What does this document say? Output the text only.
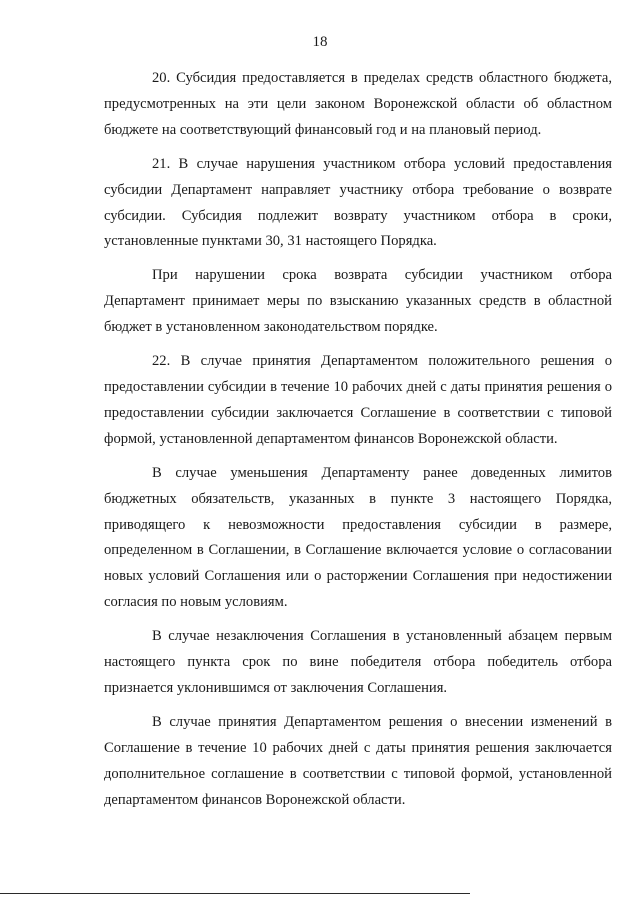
18

20. Субсидия предоставляется в пределах средств областного бюджета, предусмотренных на эти цели законом Воронежской области об областном бюджете на соответствующий финансовый год и на плановый период.

21. В случае нарушения участником отбора условий предоставления субсидии Департамент направляет участнику отбора требование о возврате субсидии. Субсидия подлежит возврату участником отбора в сроки, установленные пунктами 30, 31 настоящего Порядка.

При нарушении срока возврата субсидии участником отбора Департамент принимает меры по взысканию указанных средств в областной бюджет в установленном законодательством порядке.

22. В случае принятия Департаментом положительного решения о предоставлении субсидии в течение 10 рабочих дней с даты принятия решения о предоставлении субсидии заключается Соглашение в соответствии с типовой формой, установленной департаментом финансов Воронежской области.

В случае уменьшения Департаменту ранее доведенных лимитов бюджетных обязательств, указанных в пункте 3 настоящего Порядка, приводящего к невозможности предоставления субсидии в размере, определенном в Соглашении, в Соглашение включается условие о согласовании новых условий Соглашения или о расторжении Соглашения при недостижении согласия по новым условиям.

В случае незаключения Соглашения в установленный абзацем первым настоящего пункта срок по вине победителя отбора победитель отбора признается уклонившимся от заключения Соглашения.

В случае принятия Департаментом решения о внесении изменений в Соглашение в течение 10 рабочих дней с даты принятия решения заключается дополнительное соглашение в соответствии с типовой формой, установленной департаментом финансов Воронежской области.
